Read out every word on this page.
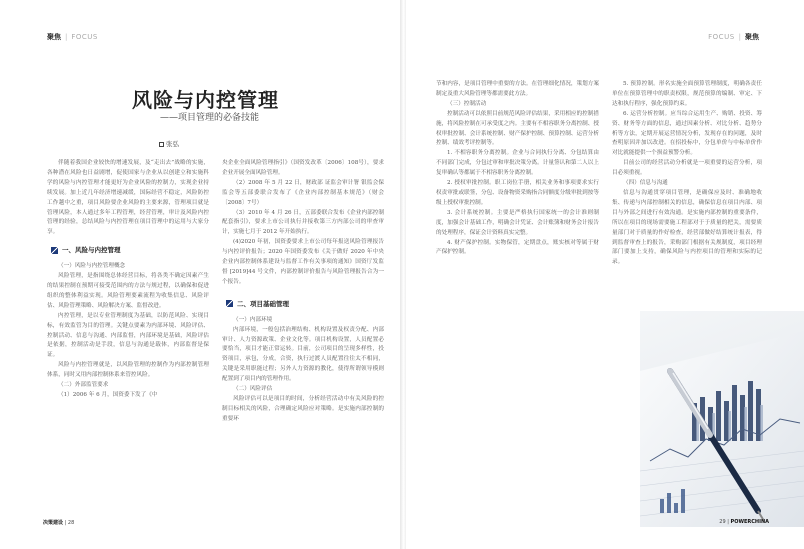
聚焦 | FOCUS	FOCUS | 聚焦
风险与内控管理
——项目管理的必备技能
张弘

伴随着我国企业较快的增速发展，及“走出去”战略的实施，各种潜在风险也日益剧增，促使国家与企业从以创建立和实施科学的风险与内控管理才能更好为企业风险的控制力，实现企业持续发展。加上近几年经济增速减缓，国际经营不稳定，风险防控工作越中之重，项目风险要企业风险的主要来源，管理项目就是管理风险，本人通过多年工程管理，经营管理，审计及风险内控管理的经验，总结风险与内控管理在项目管理中的运用与大家分享。

一、风险与内控管理

（一）风险与内控管理概念

风险管理，是指围绕总体经营目标，将各类不确定因素产生的结果控制在预期可接受范围内的方法与规过程，以确保和促进组织的整体利益实现。风险管理要素流程为收集信息、风险评估、风险管理策略、风险解决方案、监督改进。

内控管理，是以专业管理制度为基础，以防范风险、实现目标，有效监管为目的管理。关键点要素为内部环境、风险评估、控制活动、信息与沟通、内部监督，内部环境是基础，风险评估是依据，控制活动是手段，信息与沟通是载体，内部监督是保证。

风险与内控管理就是，以风险管理的控制作为内部控制管理体系，同时又用内部控制体系来管控风险。

（二）外部监管要求

（1）2006 年 6 月，国资委下发了《中

央企业全面风险管理指引》（国资发改革〔2006〕108号），要求企业开展全面风险管理。

（2）2008 年 5 月 22 日，财政部 证监会审计署 银监会保监会等五部委联合发布了《企业内部控制基本规范》（财会〔2008〕7号）

（3）2010 年 4 月 26 日，五部委联合发布《企业内部控制配套指引》，要求上市公司执行并接收第三方内部公司的审查审计，实施七月于 2012 年开始执行。

(4)2020 年初，国资委要求上市公司每年报送风险管理报告与内控评价报告；2020 年国资委发布《关于做好 2020 年中央企业内部控制体系建设与监督工作有关事项的通知》国资厅发监督 [2019]44 号文件，内部控制评价报告与风险管理报告合为一个报告。

二、项目基础管理

（一）内部环境

内部环境，一般包括治理结构、机构设置及权责分配、内部审计、人力资源政策、企业文化等。项目机构设置，人员配置必要恰当，项目才能正常运转。目前，公司项目的呈现多样性，投资项目，承包，分成，合资，执行过渡人员配置往往太不相同，关键是采用职能过程；另外人力资源的教化，使得所谓领导模则配置到了项目内的管理作用。

（二）风险评估

风险评估可以是项目的时间，分析经营活动中有关风险的控制目标相关的风险，合理确定风险应对策略。是实施内部控制的重要环

节和内容，是项目管理中重要的方法。在管理细化情况，策划方案制定及重大风险管理等都需要此方法。

（三）控制活动

控制活动可以依照目前规范风险评估结果，采用相应的控制措施，将风险控制在可承受度之内。主要有不相容职务分离控制、授权审批控制、会计系统控制、财产保护控制、预算控制、运营分析控制、绩效考评控制等。

1. 不相容职务分离控制。企业与合同执行分离、分包结算由不同部门完成，分包过审和审批决策分离。计量签认和第二人以上复审确认等都属于不相容职务分离控制。

2. 授权审批控制。职工岗位手册，相关业务和事项要求实行权责审批或联签，分包、设备物资采购指合同额度分级审批到按等级上授权审批控制。

3. 会计系统控制。主要是严格执行国家统一的会计准则制度，加强会计基础工作，明确会计凭证、会计账簿和财务会计报告的处理程序，保证会计资料真实完整。

4. 财产保护控制。实物保管，定期盘点，账实核对等属于财产保护控制。

5. 预算控制。形名实施全面预算管理制度，明确各责任单位在预算管理中的职责权限，规范预算的编制、审定、下达和执行程序，强化预算约束。

6. 运营分析控制。应当综合运用生产、购销、投资、筹资、财务等方面的信息，通过因素分析、对比分析、趋势分析等方法，定期开展运营情况分析，发现存在的问题，及时查明原因并加以改进。在招投标中，分包单价与中标单价作对比就能提供一个损益预警分析。

目前公司的经营活动分析就是一项重要的运营分析，项目必须重视。

（四）信息与沟通

信息与沟通贯穿项目管理，是确保应及时、准确地收集、传递与内部控制相关的信息，确保信息在项目内部、项目与外部之间进行有效沟通。是实施内部控制的重要条件，所以在项目的现场需要施工程部对于于质量的把关，需要质量部门对于质量的作好检查，经营部做好结算统计报表，得到监督审查上的报告，采购部门根据有关规制度，项目经理部门要加上支持，确保风险与内控项目的管理和实际的记录。

决策建设 | 28	29 | POWERCHINA
